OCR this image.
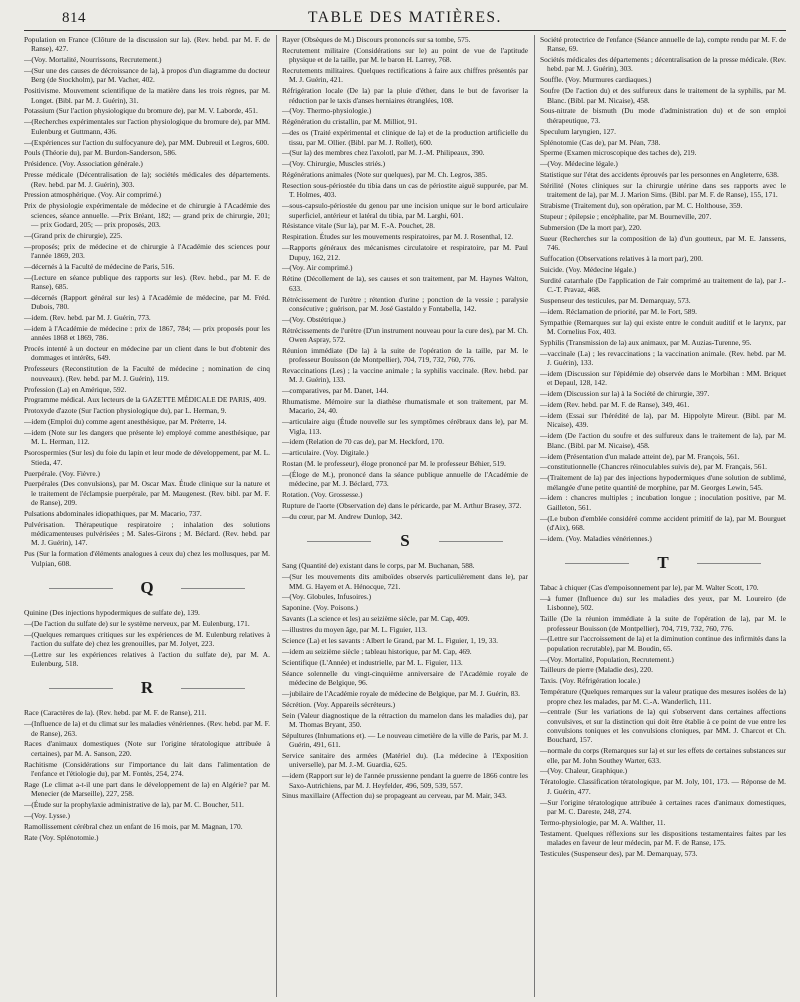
814	TABLE DES MATIÈRES.
Population en France (Clôture de la discussion sur la). (Rev. hebd. par M. F. de Ranse), 427.
—(Voy. Mortalité, Nourrissons, Recrutement.)
—(Sur une des causes de décroissance de la), à propos d'un diagramme du docteur Berg (de Stockholm), par M. Vacher, 402.
Positivisme. Mouvement scientifique de la matière dans les trois règnes, par M. Longet. (Bibl. par M. J. Guérin), 31.
Potassium (Sur l'action physiologique du bromure de), par M. V. Laborde, 451.
—(Recherches expérimentales sur l'action physiologique du bromure de), par MM. Eulenburg et Guttmann, 436.
—(Expériences sur l'action du sulfocyanure de), par MM. Dubreuil et Legros, 600.
Pouls (Théorie du), par M. Burdon-Sanderson, 586.
Présidence. (Voy. Association générale.)
Presse médicale (Décentralisation de la); sociétés médicales des départements. (Rev. hebd. par M. J. Guérin), 303.
Pression atmosphérique. (Voy. Air comprimé.)
Prix de physiologie expérimentale de médecine et de chirurgie à l'Académie des sciences, séance annuelle. —Prix Bréant, 182; — grand prix de chirurgie, 201; — prix Godard, 205; — prix proposés, 203.
—(Grand prix de chirurgie), 225.
—proposés; prix de médecine et de chirurgie à l'Académie des sciences pour l'année 1869, 203.
—décernés à la Faculté de médecine de Paris, 516.
—(Lecture en séance publique des rapports sur les). (Rev. hebd., par M. F. de Ranse), 685.
—décernés (Rapport général sur les) à l'Académie de médecine, par M. Fréd. Dubois, 780.
—idem. (Rev. hebd. par M. J. Guérin, 773.
—idem à l'Académie de médecine : prix de 1867, 784; — prix proposés pour les années 1868 et 1869, 786.
Procès intenté à un docteur en médecine par un client dans le but d'obtenir des dommages et intérêts, 649.
Professeurs (Reconstitution de la Faculté de médecine ; nomination de cinq nouveaux). (Rev. hebd. par M. J. Guérin), 119.
Profession (La) en Amérique, 592.
Programme médical. Aux lecteurs de la GAZETTE MÉDICALE DE PARIS, 409.
Protoxyde d'azote (Sur l'action physiologique du), par L. Herman, 9.
—idem (Emploi du) comme agent anesthésique, par M. Préterre, 14.
—idem (Note sur les dangers que présente le) employé comme anesthésique, par M. L. Herman, 112.
Psorospermies (Sur les) du foie du lapin et leur mode de développement, par M. L. Stieda, 47.
Puerpérale. (Voy. Fièvre.)
Puerpérales (Des convulsions), par M. Oscar Max. Étude clinique sur la nature et le traitement de l'éclampsie puerpérale, par M. Maugenest. (Rev. bibl. par M. F. de Ranse), 209.
Pulsations abdominales idiopathiques, par M. Macario, 737.
Pulvérisation. Thérapeutique respiratoire ; inhalation des solutions médicamenteuses pulvérisées ; M. Sales-Girons ; M. Béclard. (Rev. hebd. par M. J. Guérin), 147.
Pus (Sur la formation d'éléments analogues à ceux du) chez les mollusques, par M. Vulpian, 608.
Q
Quinine (Des injections hypodermiques de sulfate de), 139.
—(De l'action du sulfate de) sur le système nerveux, par M. Eulenburg, 171.
—(Quelques remarques critiques sur les expériences de M. Eulenburg relatives à l'action du sulfate de) chez les grenouilles, par M. Jolyet, 223.
—(Lettre sur les expériences relatives à l'action du sulfate de), par M. A. Eulenburg, 518.
R
Race (Caractères de la). (Rev. hebd. par M. F. de Ranse), 211.
—(Influence de la) et du climat sur les maladies vénériennes. (Rev. hebd. par M. F. de Ranse), 263.
Races d'animaux domestiques (Note sur l'origine tératologique attribuée à certaines), par M. A. Sanson, 220.
Rachitisme (Considérations sur l'importance du lait dans l'alimentation de l'enfance et l'étiologie du), par M. Fontès, 254, 274.
Rage (Le climat a-t-il une part dans le développement de la) en Algérie? par M. Menecier (de Marseille), 227, 258.
—(Étude sur la prophylaxie administrative de la), par M. C. Boucher, 511.
—(Voy. Lysse.)
Ramollissement cérébral chez un enfant de 16 mois, par M. Magnan, 170.
Rate (Voy. Splénotomie.)
Rayer (Obsèques de M.) Discours prononcés sur sa tombe, 575.
Recrutement militaire (Considérations sur le) au point de vue de l'aptitude physique et de la taille, par M. le baron H. Larrey, 768.
Recrutements militaires. Quelques rectifications à faire aux chiffres présentés par M. J. Guérin, 421.
Réfrigération locale (De la) par la pluie d'éther, dans le but de favoriser la réduction par le taxis d'anses herniaires étranglées, 108.
—(Voy. Thermo-physiologie.)
Régénération du cristallin, par M. Milliot, 91.
—des os (Traité expérimental et clinique de la) et de la production artificielle du tissu, par M. Ollier. (Bibl. par M. J. Rollet), 600.
—(Sur la) des membres chez l'axolotl, par M. J.-M. Philipeaux, 390.
—(Voy. Chirurgie, Muscles striés.)
Régénérations animales (Note sur quelques), par M. Ch. Legros, 385.
Resection sous-périostée du tibia dans un cas de périostite aiguë suppurée, par M. T. Holmes, 403.
—sous-capsulo-périostée du genou par une incision unique sur le bord articulaire superficiel, antérieur et latéral du tibia, par M. Larghi, 601.
Résistance vitale (Sur la), par M. F.-A. Pouchet, 28.
Respiration. Études sur les mouvements respiratoires, par M. J. Rosenthal, 12.
—Rapports généraux des mécanismes circulatoire et respiratoire, par M. Paul Dupuy, 162, 212.
—(Voy. Air comprimé.)
Rétine (Décollement de la), ses causes et son traitement, par M. Haynes Walton, 633.
Rétrécissement de l'urètre ; rétention d'urine ; ponction de la vessie ; paralysie consécutive ; guérison, par M. José Gastaldo y Fontabella, 142.
—(Voy. Obstétrique.)
Rétrécissements de l'urètre (D'un instrument nouveau pour la cure des), par M. Ch. Owen Aspray, 572.
Réunion immédiate (De la) à la suite de l'opération de la taille, par M. le professeur Bouisson (de Montpellier), 704, 719, 732, 760, 776.
Revaccinations (Les) ; la vaccine animale ; la syphilis vaccinale. (Rev. hebd. par M. J. Guérin), 133.
—comparatives, par M. Danet, 144.
Rhumatisme. Mémoire sur la diathèse rhumatismale et son traitement, par M. Macario, 24, 40.
—articulaire aigu (Étude nouvelle sur les symptômes cérébraux dans le), par M. Vigla, 113.
—idem (Relation de 70 cas de), par M. Heckford, 170.
—articulaire. (Voy. Digitale.)
Rostan (M. le professeur), éloge prononcé par M. le professeur Béhier, 519.
—(Éloge de M.), prononcé dans la séance publique annuelle de l'Académie de médecine, par M. J. Béclard, 773.
Rotation. (Voy. Grossesse.)
Rupture de l'aorte (Observation de) dans le péricarde, par M. Arthur Brasey, 372.
—du cœur, par M. Andrew Dunlop, 342.
S
Sang (Quantité de) existant dans le corps, par M. Buchanan, 588.
—(Sur les mouvements dits amiboïdes observés particulièrement dans le), par MM. G. Hayem et A. Hénocque, 721.
—(Voy. Globules, Infusoires.)
Saponine. (Voy. Poisons.)
Savants (La science et les) au seizième siècle, par M. Cap, 409.
—illustres du moyen âge, par M. L. Figuier, 113.
Science (La) et les savants : Albert le Grand, par M. L. Figuier, 1, 19, 33.
—idem au seizième siècle ; tableau historique, par M. Cap, 469.
Scientifique (L'Année) et industrielle, par M. L. Figuier, 113.
Séance solennelle du vingt-cinquième anniversaire de l'Académie royale de médecine de Belgique, 96.
—jubilaire de l'Académie royale de médecine de Belgique, par M. J. Guérin, 83.
Sécrétion. (Voy. Appareils sécréteurs.)
Sein (Valeur diagnostique de la rétraction du mamelon dans les maladies du), par M. Thomas Bryant, 350.
Sépultures (Inhumations et). — Le nouveau cimetière de la ville de Paris, par M. J. Guérin, 491, 611.
Service sanitaire des armées (Matériel du). (La médecine à l'Exposition universelle), par M. J.-M. Guardia, 625.
—idem (Rapport sur le) de l'année prussienne pendant la guerre de 1866 contre les Saxo-Autrichiens, par M. J. Heyfelder, 496, 509, 539, 557.
Sinus maxillaire (Affection du) se propageant au cerveau, par M. Mair, 343.
Société protectrice de l'enfance (Séance annuelle de la), compte rendu par M. F. de Ranse, 69.
Sociétés médicales des départements ; décentralisation de la presse médicale. (Rev. hebd. par M. J. Guérin), 303.
Souffle. (Voy. Murmures cardiaques.)
Soufre (De l'action du) et des sulfureux dans le traitement de la syphilis, par M. Blanc. (Bibl. par M. Nicaise), 458.
Sous-nitrate de bismuth (Du mode d'administration du) et de son emploi thérapeutique, 73.
Speculum laryngien, 127.
Splénotomie (Cas de), par M. Péan, 738.
Sperme (Examen microscopique des taches de), 219.
—(Voy. Médecine légale.)
Statistique sur l'état des accidents éprouvés par les personnes en Angleterre, 638.
Stérilité (Notes cliniques sur la chirurgie utérine dans ses rapports avec le traitement de la), par M. J. Marion Sims. (Bibl. par M. F. de Ranse), 155, 171.
Strabisme (Traitement du), son opération, par M. C. Holthouse, 359.
Stupeur ; épilepsie ; encéphalite, par M. Bourneville, 207.
Submersion (De la mort par), 220.
Sueur (Recherches sur la composition de la) d'un goutteux, par M. E. Janssens, 746.
Suffocation (Observations relatives à la mort par), 200.
Suicide. (Voy. Médecine légale.)
Surdité catarrhale (De l'application de l'air comprimé au traitement de la), par J.-C.-T. Pravaz, 468.
Suspenseur des testicules, par M. Demarquay, 573.
—idem. Réclamation de priorité, par M. le Fort, 589.
Sympathie (Remarques sur la) qui existe entre le conduit auditif et le larynx, par M. Cornelius Fox, 403.
Syphilis (Transmission de la) aux animaux, par M. Auzias-Turenne, 95.
—vaccinale (La) ; les revaccinations ; la vaccination animale. (Rev. hebd. par M. J. Guérin), 133.
—idem (Discussion sur l'épidémie de) observée dans le Morbihan : MM. Briquet et Depaul, 128, 142.
—idem (Discussion sur la) à la Société de chirurgie, 397.
—idem (Rev. hebd. par M. F. de Ranse), 349, 461.
—idem (Essai sur l'hérédité de la), par M. Hippolyte Mireur. (Bibl. par M. Nicaise), 439.
—idem (De l'action du soufre et des sulfureux dans le traitement de la), par M. Blanc. (Bibl. par M. Nicaise), 458.
—idem (Présentation d'un malade atteint de), par M. François, 561.
—constitutionnelle (Chancres réinoculables suivis de), par M. Français, 561.
—(Traitement de la) par des injections hypodermiques d'une solution de sublimé, mélangée d'une petite quantité de morphine, par M. Georges Lewin, 545.
—idem : chancres multiples ; incubation longue ; inoculation positive, par M. Gailleton, 561.
—(Le bubon d'emblée considéré comme accident primitif de la), par M. Bourguet (d'Aix), 668.
—idem. (Voy. Maladies vénériennes.)
T
Tabac à chiquer (Cas d'empoisonnement par le), par M. Walter Scott, 170.
—à fumer (Influence du) sur les maladies des yeux, par M. Loureiro (de Lisbonne), 502.
Taille (De la réunion immédiate à la suite de l'opération de la), par M. le professeur Bouisson (de Montpellier), 704, 719, 732, 760, 776.
—(Lettre sur l'accroissement de la) et la diminution continue des infirmités dans la population recrutable), par M. Boudin, 65.
—(Voy. Mortalité, Population, Recrutement.)
Tailleurs de pierre (Maladie des), 220.
Taxis. (Voy. Réfrigération locale.)
Température (Quelques remarques sur la valeur pratique des mesures isolées de la) propre chez les malades, par M. C.-A. Wanderlich, 111.
—centrale (Sur les variations de la) qui s'observent dans certaines affections convulsives, et sur la distinction qui doit être établie à ce point de vue entre les convulsions toniques et les convulsions cloniques, par MM. J. Charcot et Ch. Bouchard, 157.
—normale du corps (Remarques sur la) et sur les effets de certaines substances sur elle, par M. John Southey Warter, 633.
—(Voy. Chaleur, Graphique.)
Tératologie. Classification tératologique, par M. Joly, 101, 173. — Réponse de M. J. Guérin, 477.
—Sur l'origine tératologique attribuée à certaines races d'animaux domestiques, par M. C. Dareste, 248, 274.
Termo-physiologie, par M. A. Walther, 11.
Testament. Quelques réflexions sur les dispositions testamentaires faites par les malades en faveur de leur médecin, par M. F. de Ranse, 175.
Testicules (Suspenseur des), par M. Demarquay, 573.
